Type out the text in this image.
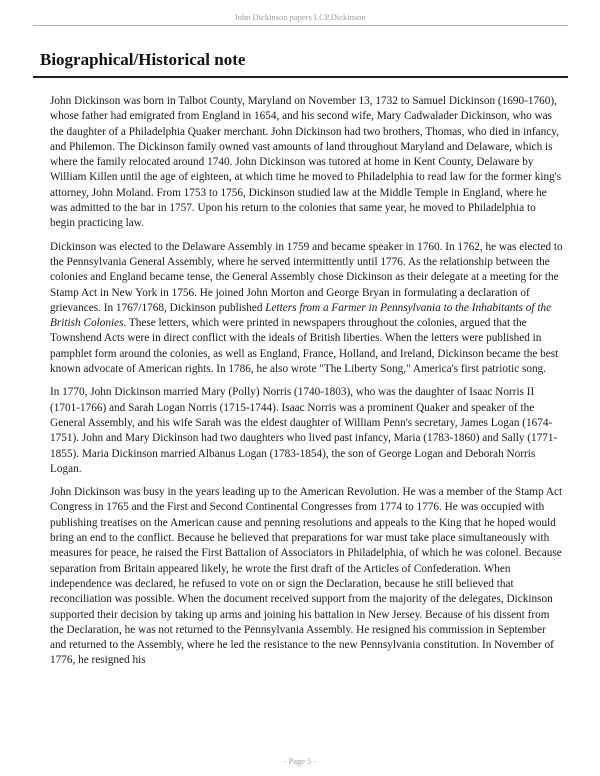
John Dickinson papers LCP.Dickinson
Biographical/Historical note

John Dickinson was born in Talbot County, Maryland on November 13, 1732 to Samuel Dickinson (1690-1760), whose father had emigrated from England in 1654, and his second wife, Mary Cadwalader Dickinson, who was the daughter of a Philadelphia Quaker merchant. John Dickinson had two brothers, Thomas, who died in infancy, and Philemon. The Dickinson family owned vast amounts of land throughout Maryland and Delaware, which is where the family relocated around 1740. John Dickinson was tutored at home in Kent County, Delaware by William Killen until the age of eighteen, at which time he moved to Philadelphia to read law for the former king's attorney, John Moland. From 1753 to 1756, Dickinson studied law at the Middle Temple in England, where he was admitted to the bar in 1757. Upon his return to the colonies that same year, he moved to Philadelphia to begin practicing law.

Dickinson was elected to the Delaware Assembly in 1759 and became speaker in 1760. In 1762, he was elected to the Pennsylvania General Assembly, where he served intermittently until 1776. As the relationship between the colonies and England became tense, the General Assembly chose Dickinson as their delegate at a meeting for the Stamp Act in New York in 1756. He joined John Morton and George Bryan in formulating a declaration of grievances. In 1767/1768, Dickinson published Letters from a Farmer in Pennsylvania to the Inhabitants of the British Colonies. These letters, which were printed in newspapers throughout the colonies, argued that the Townshend Acts were in direct conflict with the ideals of British liberties. When the letters were published in pamphlet form around the colonies, as well as England, France, Holland, and Ireland, Dickinson became the best known advocate of American rights. In 1786, he also wrote "The Liberty Song," America's first patriotic song.

In 1770, John Dickinson married Mary (Polly) Norris (1740-1803), who was the daughter of Isaac Norris II (1701-1766) and Sarah Logan Norris (1715-1744). Isaac Norris was a prominent Quaker and speaker of the General Assembly, and his wife Sarah was the eldest daughter of William Penn's secretary, James Logan (1674-1751). John and Mary Dickinson had two daughters who lived past infancy, Maria (1783-1860) and Sally (1771-1855). Maria Dickinson married Albanus Logan (1783-1854), the son of George Logan and Deborah Norris Logan.

John Dickinson was busy in the years leading up to the American Revolution. He was a member of the Stamp Act Congress in 1765 and the First and Second Continental Congresses from 1774 to 1776. He was occupied with publishing treatises on the American cause and penning resolutions and appeals to the King that he hoped would bring an end to the conflict. Because he believed that preparations for war must take place simultaneously with measures for peace, he raised the First Battalion of Associators in Philadelphia, of which he was colonel. Because separation from Britain appeared likely, he wrote the first draft of the Articles of Confederation. When independence was declared, he refused to vote on or sign the Declaration, because he still believed that reconciliation was possible. When the document received support from the majority of the delegates, Dickinson supported their decision by taking up arms and joining his battalion in New Jersey. Because of his dissent from the Declaration, he was not returned to the Pennsylvania Assembly. He resigned his commission in September and returned to the Assembly, where he led the resistance to the new Pennsylvania constitution. In November of 1776, he resigned his

- Page 5 -
